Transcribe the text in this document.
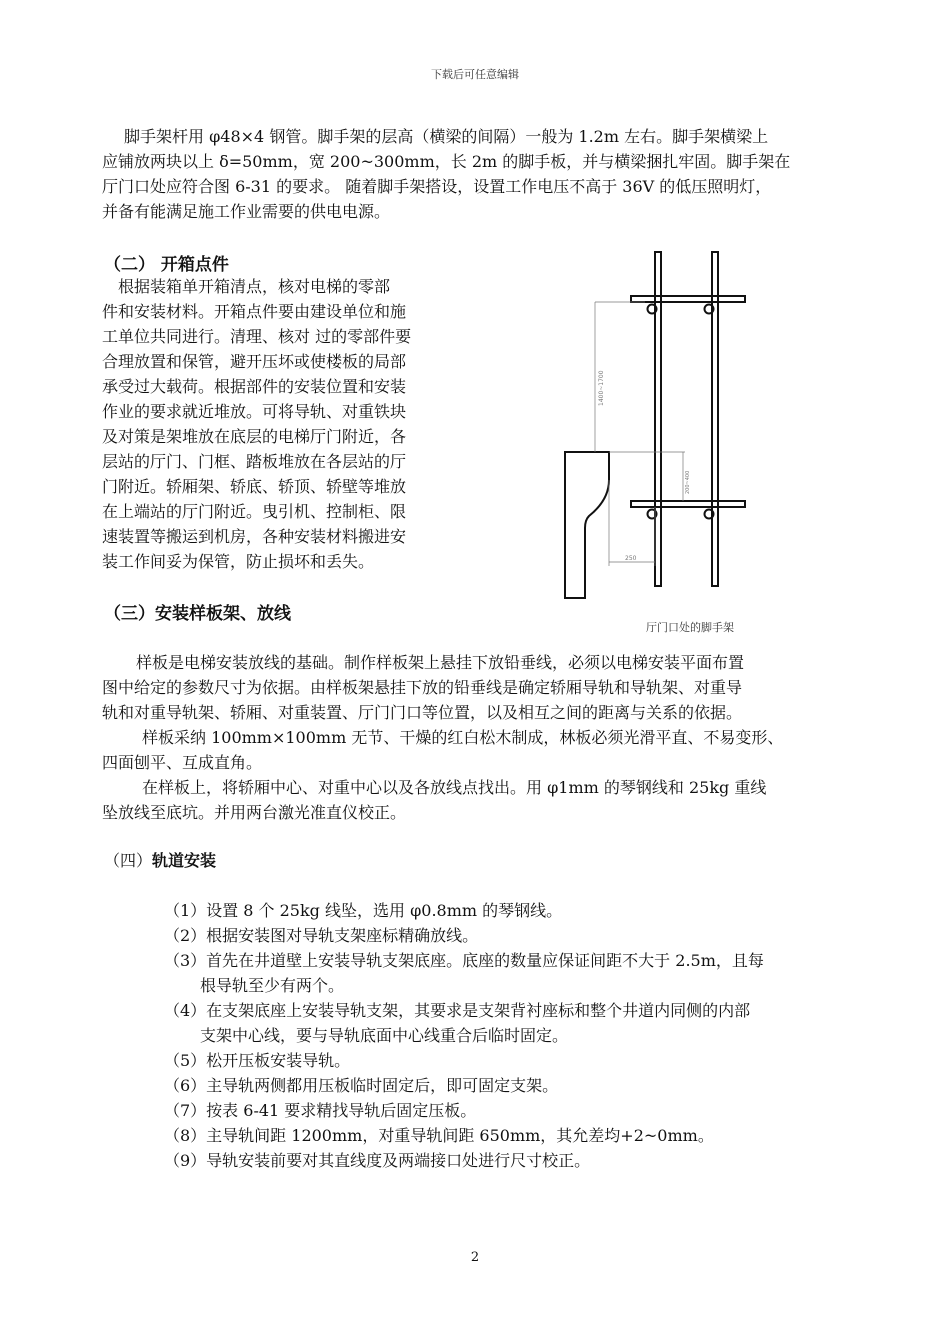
下载后可任意编辑
脚手架杆用 φ48×4 钢管。脚手架的层高（横梁的间隔）一般为 1.2m 左右。脚手架横梁上
应铺放两块以上 δ=50mm，宽 200~300mm，长 2m 的脚手板，并与横梁捆扎牢固。脚手架在
厅门口处应符合图 6-31 的要求。 随着脚手架搭设，设置工作电压不高于 36V 的低压照明灯，
并备有能满足施工作业需要的供电电源。
（二） 开箱点件
根据装箱单开箱清点，核对电梯的零部
件和安装材料。开箱点件要由建设单位和施
工单位共同进行。清理、核对 过的零部件要
合理放置和保管，避开压坏或使楼板的局部
承受过大载荷。根据部件的安装位置和安装
作业的要求就近堆放。可将导轨、对重铁块
及对策是架堆放在底层的电梯厅门附近，各
层站的厅门、门框、踏板堆放在各层站的厅
门附近。轿厢架、轿底、轿顶、轿壁等堆放
在上端站的厅门附近。曳引机、控制柜、限
速装置等搬运到机房，各种安装材料搬进安
装工作间妥为保管，防止损坏和丢失。
1400~1700
200~400
250
厅门口处的脚手架
（三）安装样板架、放线
样板是电梯安装放线的基础。制作样板架上悬挂下放铅垂线，必须以电梯安装平面布置
图中给定的参数尺寸为依据。由样板架悬挂下放的铅垂线是确定轿厢导轨和导轨架、对重导
轨和对重导轨架、轿厢、对重装置、厅门门口等位置，以及相互之间的距离与关系的依据。
样板采纳 100mm×100mm 无节、干燥的红白松木制成，林板必须光滑平直、不易变形、
四面刨平、互成直角。
在样板上，将轿厢中心、对重中心以及各放线点找出。用 φ1mm 的琴钢线和 25kg 重线
坠放线至底坑。并用两台激光准直仪校正。
（四）轨道安装
（1）设置 8 个 25kg 线坠，选用 φ0.8mm 的琴钢线。
（2）根据安装图对导轨支架座标精确放线。
（3）首先在井道壁上安装导轨支架底座。底座的数量应保证间距不大于 2.5m，且每
根导轨至少有两个。
（4）在支架底座上安装导轨支架，其要求是支架背衬座标和整个井道内同侧的内部
支架中心线，要与导轨底面中心线重合后临时固定。
（5）松开压板安装导轨。
（6）主导轨两侧都用压板临时固定后，即可固定支架。
（7）按表 6-41 要求精找导轨后固定压板。
（8）主导轨间距 1200mm，对重导轨间距 650mm，其允差均+2~0mm。
（9）导轨安装前要对其直线度及两端接口处进行尺寸校正。
2
